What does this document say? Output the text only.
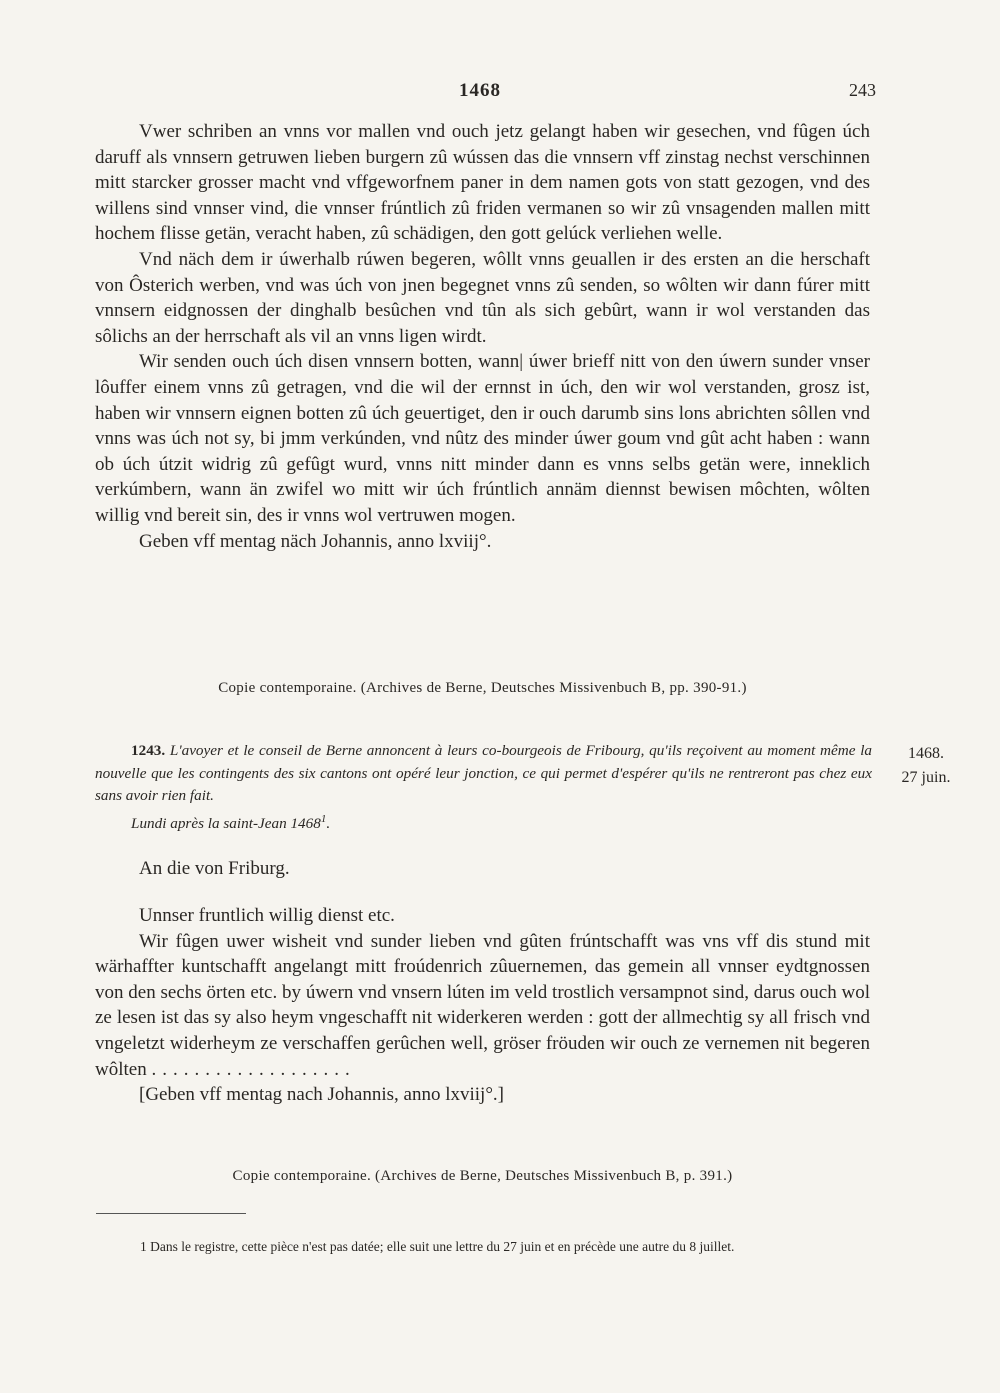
1468	243

Vwer schriben an vnns vor mallen vnd ouch jetz gelangt haben wir gesechen, vnd fûgen úch daruff als vnnsern getruwen lieben burgern zû wússen das die vnnsern vff zinstag nechst verschinnen mitt starcker grosser macht vnd vffgeworfnem paner in dem namen gots von statt gezogen, vnd des willens sind vnnser vind, die vnnser frúntlich zû friden vermanen so wir zû vnsagenden mallen mitt hochem flisse getän, veracht haben, zû schädigen, den gott gelúck verliehen welle.

Vnd näch dem ir úwerhalb rúwen begeren, wôllt vnns geuallen ir des ersten an die herschaft von Ôsterich werben, vnd was úch von jnen begegnet vnns zû senden, so wôlten wir dann fúrer mitt vnnsern eidgnossen der dinghalb besûchen vnd tûn als sich gebûrt, wann ir wol verstanden das sôlichs an der herrschaft als vil an vnns ligen wirdt.

Wir senden ouch úch disen vnnsern botten, wann| úwer brieff nitt von den úwern sunder vnser lôuffer einem vnns zû getragen, vnd die wil der ernnst in úch, den wir wol verstanden, grosz ist, haben wir vnnsern eignen botten zû úch geuertiget, den ir ouch darumb sins lons abrichten sôllen vnd vnns was úch not sy, bi jmm verkúnden, vnd nûtz des minder úwer goum vnd gût acht haben : wann ob úch útzit widrig zû gefûgt wurd, vnns nitt minder dann es vnns selbs getän were, inneklich verkúmbern, wann än zwifel wo mitt wir úch frúntlich annäm diennst bewisen môchten, wôlten willig vnd bereit sin, des ir vnns wol vertruwen mogen.

Geben vff mentag näch Johannis, anno lxviij°.

Copie contemporaine. (Archives de Berne, Deutsches Missivenbuch B, pp. 390-91.)

1243. L'avoyer et le conseil de Berne annoncent à leurs co-bourgeois de Fribourg, qu'ils reçoivent au moment même la nouvelle que les contingents des six cantons ont opéré leur jonction, ce qui permet d'espérer qu'ils ne rentreront pas chez eux sans avoir rien fait.

Lundi après la saint-Jean 1468$^1$.
1468.
27 juin.
An die von Friburg.

Unnser fruntlich willig dienst etc.

Wir fûgen uwer wisheit vnd sunder lieben vnd gûten frúntschafft was vns vff dis stund mit wärhaffter kuntschafft angelangt mitt froúdenrich zûuernemen, das gemein all vnnser eydtgnossen von den sechs örten etc. by úwern vnd vnsern lúten im veld trostlich versampnot sind, darus ouch wol ze lesen ist das sy also heym vngeschafft nit widerkeren werden : gott der allmechtig sy all frisch vnd vngeletzt widerheym ze verschaffen gerûchen well, gröser fröuden wir ouch ze vernemen nit begeren wôlten ...................

[Geben vff mentag nach Johannis, anno lxviij°.]

Copie contemporaine. (Archives de Berne, Deutsches Missivenbuch B, p. 391.)

1 Dans le registre, cette pièce n'est pas datée; elle suit une lettre du 27 juin et en précède une autre du 8 juillet.
